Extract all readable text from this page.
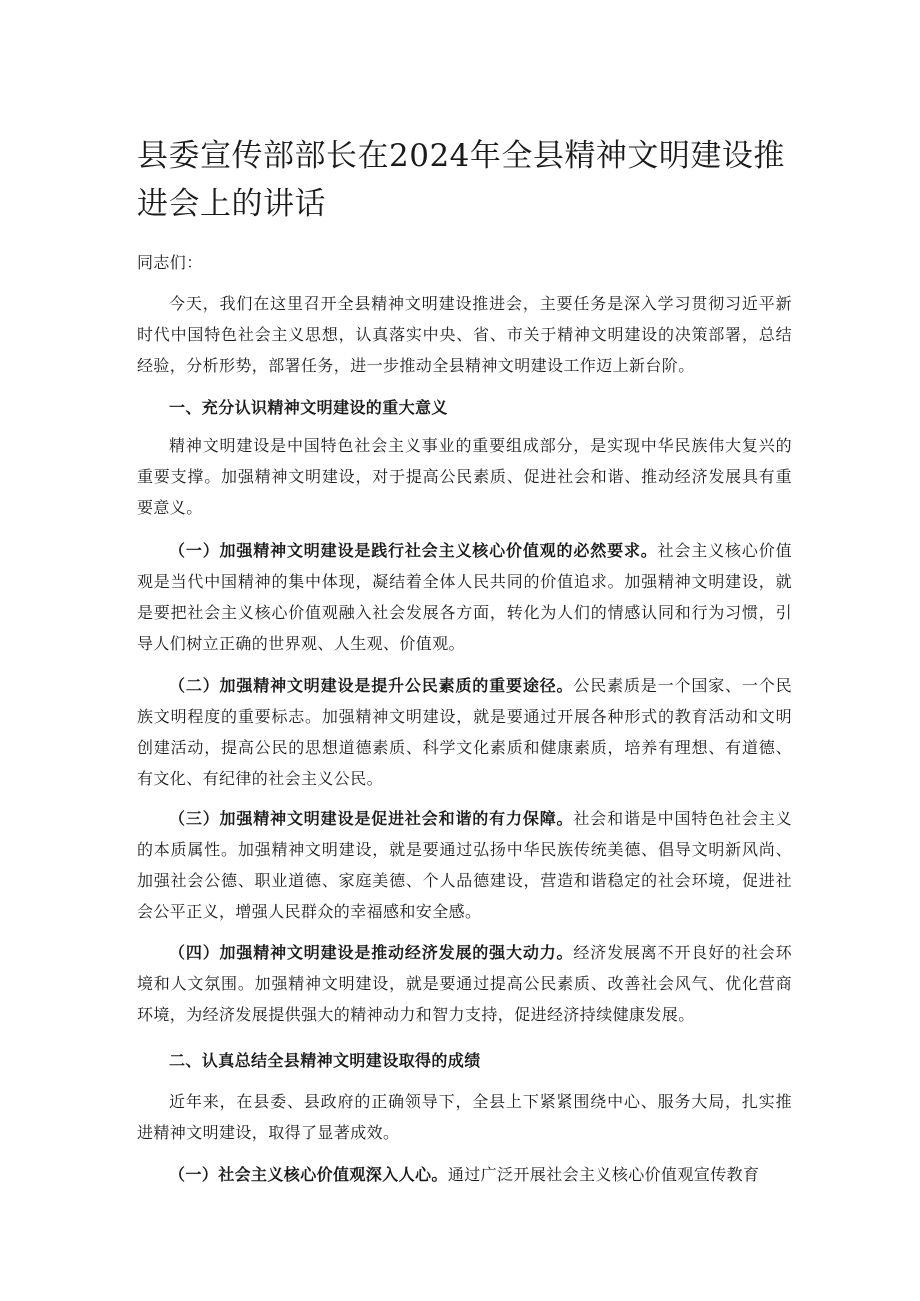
县委宣传部部长在2024年全县精神文明建设推进会上的讲话

同志们：

今天，我们在这里召开全县精神文明建设推进会，主要任务是深入学习贯彻习近平新时代中国特色社会主义思想，认真落实中央、省、市关于精神文明建设的决策部署，总结经验，分析形势，部署任务，进一步推动全县精神文明建设工作迈上新台阶。

一、充分认识精神文明建设的重大意义

精神文明建设是中国特色社会主义事业的重要组成部分，是实现中华民族伟大复兴的重要支撑。加强精神文明建设，对于提高公民素质、促进社会和谐、推动经济发展具有重要意义。

（一）加强精神文明建设是践行社会主义核心价值观的必然要求。社会主义核心价值观是当代中国精神的集中体现，凝结着全体人民共同的价值追求。加强精神文明建设，就是要把社会主义核心价值观融入社会发展各方面，转化为人们的情感认同和行为习惯，引导人们树立正确的世界观、人生观、价值观。

（二）加强精神文明建设是提升公民素质的重要途径。公民素质是一个国家、一个民族文明程度的重要标志。加强精神文明建设，就是要通过开展各种形式的教育活动和文明创建活动，提高公民的思想道德素质、科学文化素质和健康素质，培养有理想、有道德、有文化、有纪律的社会主义公民。

（三）加强精神文明建设是促进社会和谐的有力保障。社会和谐是中国特色社会主义的本质属性。加强精神文明建设，就是要通过弘扬中华民族传统美德、倡导文明新风尚、加强社会公德、职业道德、家庭美德、个人品德建设，营造和谐稳定的社会环境，促进社会公平正义，增强人民群众的幸福感和安全感。

（四）加强精神文明建设是推动经济发展的强大动力。经济发展离不开良好的社会环境和人文氛围。加强精神文明建设，就是要通过提高公民素质、改善社会风气、优化营商环境，为经济发展提供强大的精神动力和智力支持，促进经济持续健康发展。

二、认真总结全县精神文明建设取得的成绩

近年来，在县委、县政府的正确领导下，全县上下紧紧围绕中心、服务大局，扎实推进精神文明建设，取得了显著成效。

（一）社会主义核心价值观深入人心。通过广泛开展社会主义核心价值观宣传教育
